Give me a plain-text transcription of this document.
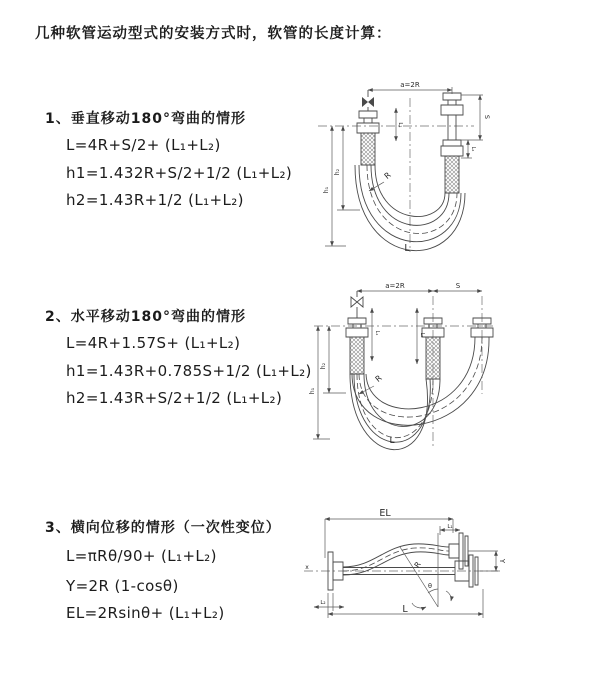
几种软管运动型式的安装方式时，软管的长度计算：
1、垂直移动180°弯曲的情形
L=4R+S/2+ (L₁+L₂)
h1=1.432R+S/2+1/2 (L₁+L₂)
h2=1.43R+1/2 (L₁+L₂)
2、水平移动180°弯曲的情形
L=4R+1.57S+ (L₁+L₂)
h1=1.43R+0.785S+1/2 (L₁+L₂)
h2=1.43R+S/2+1/2 (L₁+L₂)
3、横向位移的情形（一次性变位）
L=πRθ/90+ (L₁+L₂)
Y=2R (1-cosθ)
EL=2Rsinθ+ (L₁+L₂)
a=2R
L₁
S
L₂
h₁
h₂	R
L
a=2R	S
L₁	L₂
h₁
h₂
R
L
EL
L₁
θ
R	Y
L₂
L
x
